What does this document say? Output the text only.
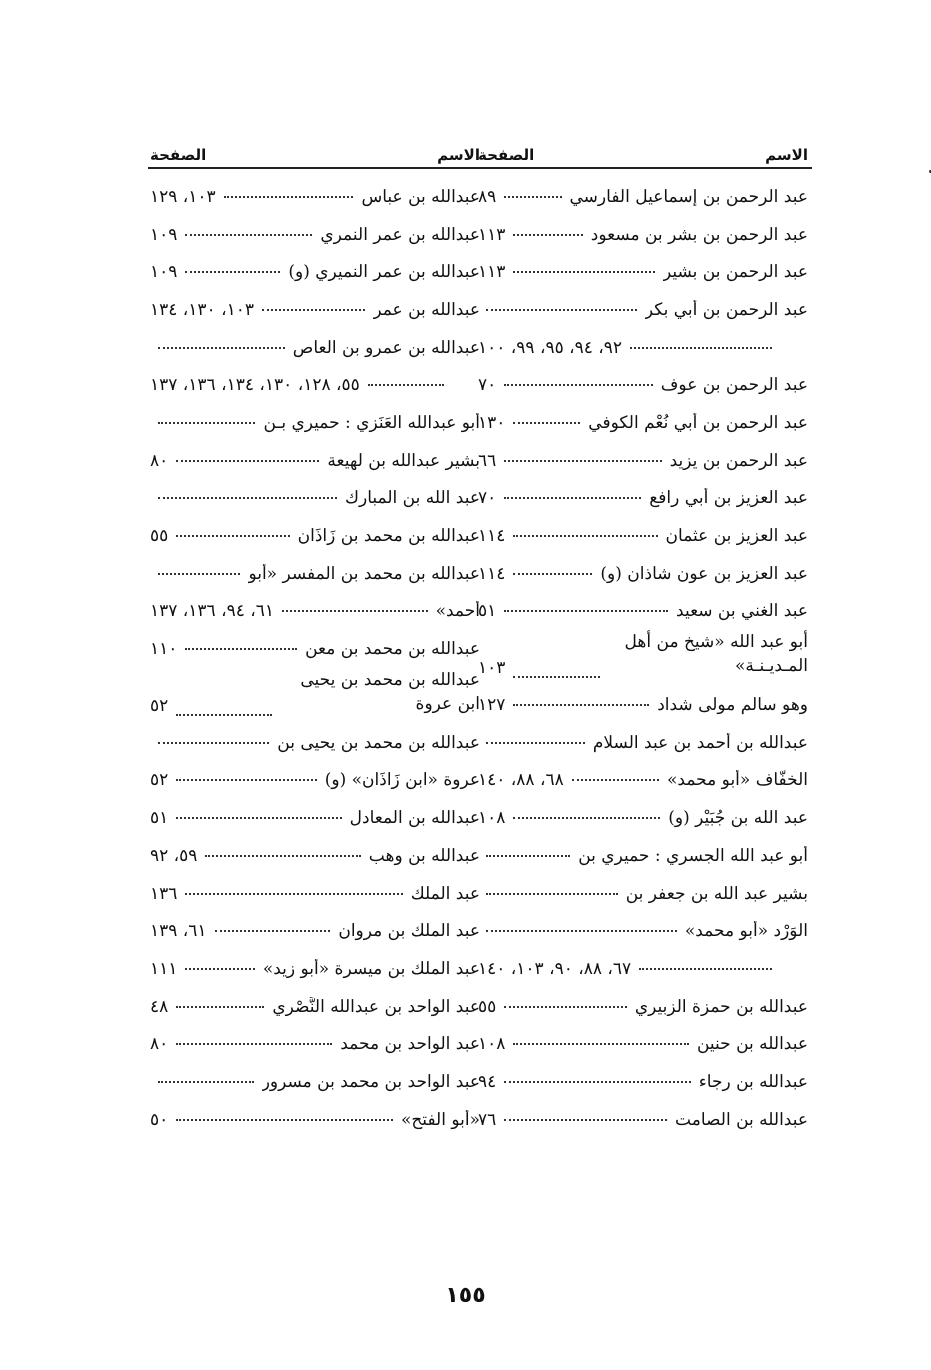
الاسم
الصفحة
عبد الرحمن بن إسماعيل الفارسي
٨٩
عبد الرحمن بن بشر بن مسعود
١١٣
عبد الرحمن بن بشير
١١٣
عبد الرحمن بن أبي بكر
٩٢، ٩٤، ٩٥، ٩٩، ١٠٠
عبد الرحمن بن عوف
٧٠
عبد الرحمن بن أبي نُعْم الكوفي
١٣٠
عبد الرحمن بن يزيد
٦٦
عبد العزيز بن أبي رافع
٧٠
عبد العزيز بن عثمان
١١٤
عبد العزيز بن عون شاذان (و)
١١٤
عبد الغني بن سعيد
٥١
أبو عبد الله «شيخ من أهل المـديـنـة»
١٠٣
وهو سالم مولى شداد
١٢٧
عبدالله بن أحمد بن عبد السلام
الخفّاف «أبو محمد»
٦٨، ٨٨، ١٤٠
عبد الله بن جُبَيْر (و)
١٠٨
أبو عبد الله الجسري : حميري بن
بشير عبد الله بن جعفر بن
الوَرْد «أبو محمد»
٦٧، ٨٨، ٩٠، ١٠٣، ١٤٠
عبدالله بن حمزة الزبيري
٥٥
عبدالله بن حنين
١٠٨
عبدالله بن رجاء
٩٤
عبدالله بن الصامت
٧٦
الاسم
الصفحة
عبدالله بن عباس
١٠٣، ١٢٩
عبدالله بن عمر النمري
١٠٩
عبدالله بن عمر النميري (و)
١٠٩
عبدالله بن عمر
١٠٣، ١٣٠، ١٣٤
عبدالله بن عمرو بن العاص
٥٥، ١٢٨، ١٣٠، ١٣٤، ١٣٦، ١٣٧
أبو عبدالله العَنَزي : حميري بـن
بشير عبدالله بن لهيعة
٨٠
عبد الله بن المبارك
عبدالله بن محمد بن زَاذَان
٥٥
عبدالله بن محمد بن المفسر «أبو
أحمد»
٦١، ٩٤، ١٣٦، ١٣٧
عبدالله بن محمد بن معن
١١٠
عبدالله بن محمد بن يحيى ابن عروة
٥٢
عبدالله بن محمد بن يحيى بن
عروة «ابن زَاذَان» (و)
٥٢
عبدالله بن المعادل
٥١
عبدالله بن وهب
٥٩، ٩٢
عبد الملك
١٣٦
عبد الملك بن مروان
٦١، ١٣٩
عبد الملك بن ميسرة «أبو زيد»
١١١
عبد الواحد بن عبدالله النَّصْري
٤٨
عبد الواحد بن محمد
٨٠
عبد الواحد بن محمد بن مسرور
«أبو الفتح»
٥٠
١٥٥
